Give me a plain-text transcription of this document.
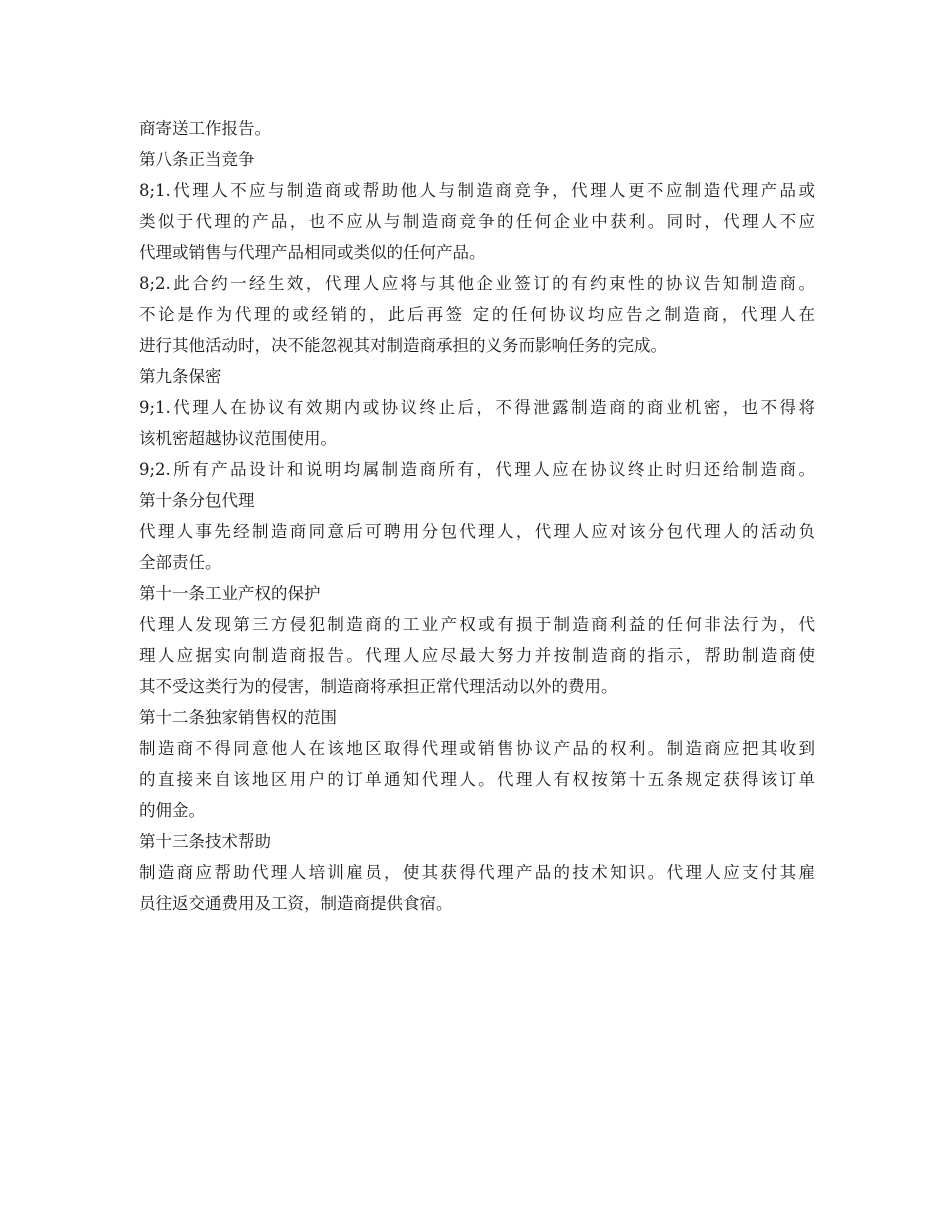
商寄送工作报告。
第八条正当竞争
8;1.代理人不应与制造商或帮助他人与制造商竞争，代理人更不应制造代理产品或
类似于代理的产品，也不应从与制造商竞争的任何企业中获利。同时，代理人不应
代理或销售与代理产品相同或类似的任何产品。
8;2.此合约一经生效，代理人应将与其他企业签订的有约束性的协议告知制造商。
不论是作为代理的或经销的，此后再签 定的任何协议均应告之制造商，代理人在
进行其他活动时，决不能忽视其对制造商承担的义务而影响任务的完成。
第九条保密
9;1.代理人在协议有效期内或协议终止后，不得泄露制造商的商业机密，也不得将
该机密超越协议范围使用。
9;2.所有产品设计和说明均属制造商所有，代理人应在协议终止时归还给制造商。
第十条分包代理
代理人事先经制造商同意后可聘用分包代理人，代理人应对该分包代理人的活动负
全部责任。
第十一条工业产权的保护
代理人发现第三方侵犯制造商的工业产权或有损于制造商利益的任何非法行为，代
理人应据实向制造商报告。代理人应尽最大努力并按制造商的指示，帮助制造商使
其不受这类行为的侵害，制造商将承担正常代理活动以外的费用。
第十二条独家销售权的范围
制造商不得同意他人在该地区取得代理或销售协议产品的权利。制造商应把其收到
的直接来自该地区用户的订单通知代理人。代理人有权按第十五条规定获得该订单
的佣金。
第十三条技术帮助
制造商应帮助代理人培训雇员，使其获得代理产品的技术知识。代理人应支付其雇
员往返交通费用及工资，制造商提供食宿。
